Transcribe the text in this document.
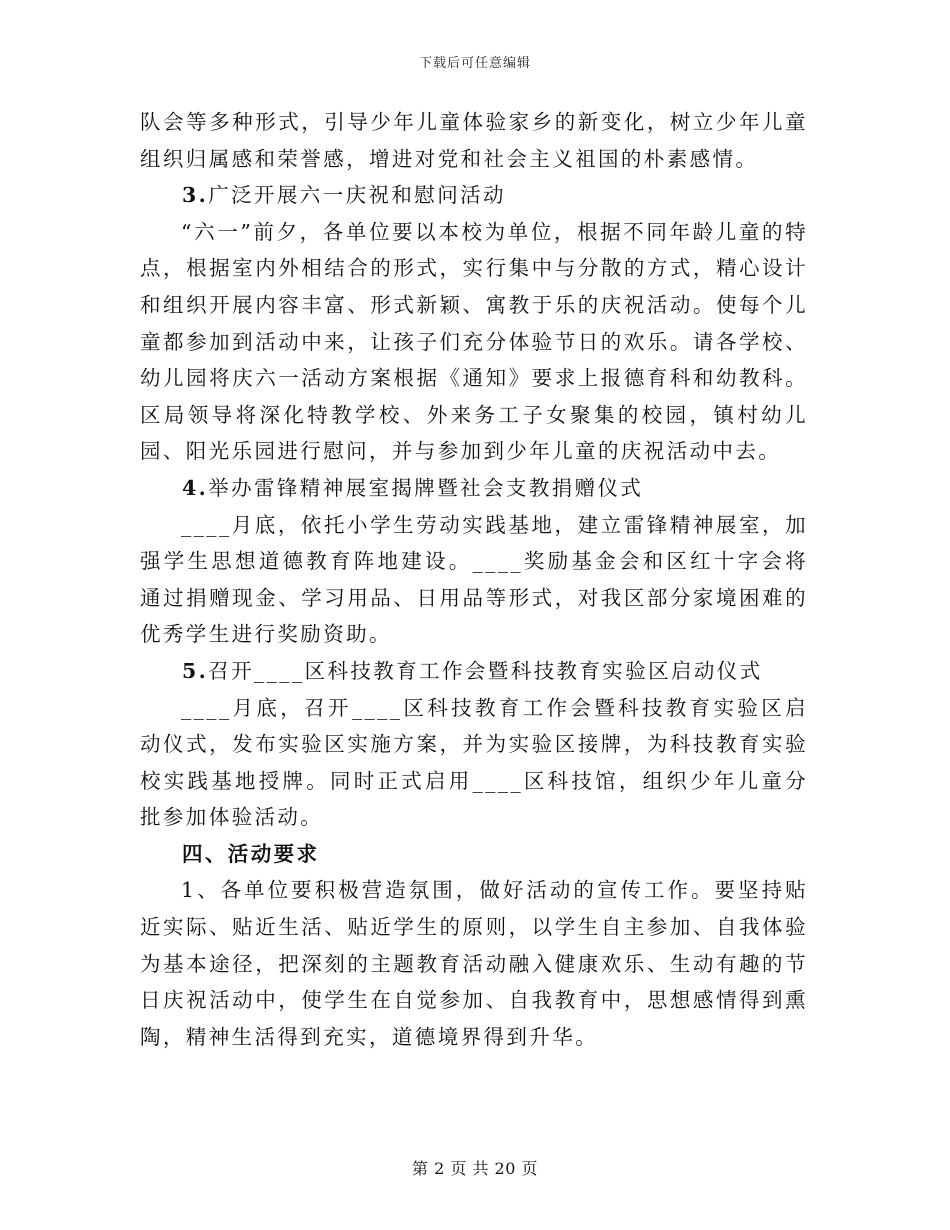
下载后可任意编辑

队会等多种形式，引导少年儿童体验家乡的新变化，树立少年儿童组织归属感和荣誉感，增进对党和社会主义祖国的朴素感情。

3.广泛开展六一庆祝和慰问活动

“六一”前夕，各单位要以本校为单位，根据不同年龄儿童的特点，根据室内外相结合的形式，实行集中与分散的方式，精心设计和组织开展内容丰富、形式新颖、寓教于乐的庆祝活动。使每个儿童都参加到活动中来，让孩子们充分体验节日的欢乐。请各学校、幼儿园将庆六一活动方案根据《通知》要求上报德育科和幼教科。区局领导将深化特教学校、外来务工子女聚集的校园，镇村幼儿园、阳光乐园进行慰问，并与参加到少年儿童的庆祝活动中去。

4.举办雷锋精神展室揭牌暨社会支教捐赠仪式

____月底，依托小学生劳动实践基地，建立雷锋精神展室，加强学生思想道德教育阵地建设。____奖励基金会和区红十字会将通过捐赠现金、学习用品、日用品等形式，对我区部分家境困难的优秀学生进行奖励资助。

5.召开____区科技教育工作会暨科技教育实验区启动仪式

____月底，召开____区科技教育工作会暨科技教育实验区启动仪式，发布实验区实施方案，并为实验区接牌，为科技教育实验校实践基地授牌。同时正式启用____区科技馆，组织少年儿童分批参加体验活动。

四、活动要求

1、各单位要积极营造氛围，做好活动的宣传工作。要坚持贴近实际、贴近生活、贴近学生的原则，以学生自主参加、自我体验为基本途径，把深刻的主题教育活动融入健康欢乐、生动有趣的节日庆祝活动中，使学生在自觉参加、自我教育中，思想感情得到熏陶，精神生活得到充实，道德境界得到升华。

第 2 页 共 20 页
